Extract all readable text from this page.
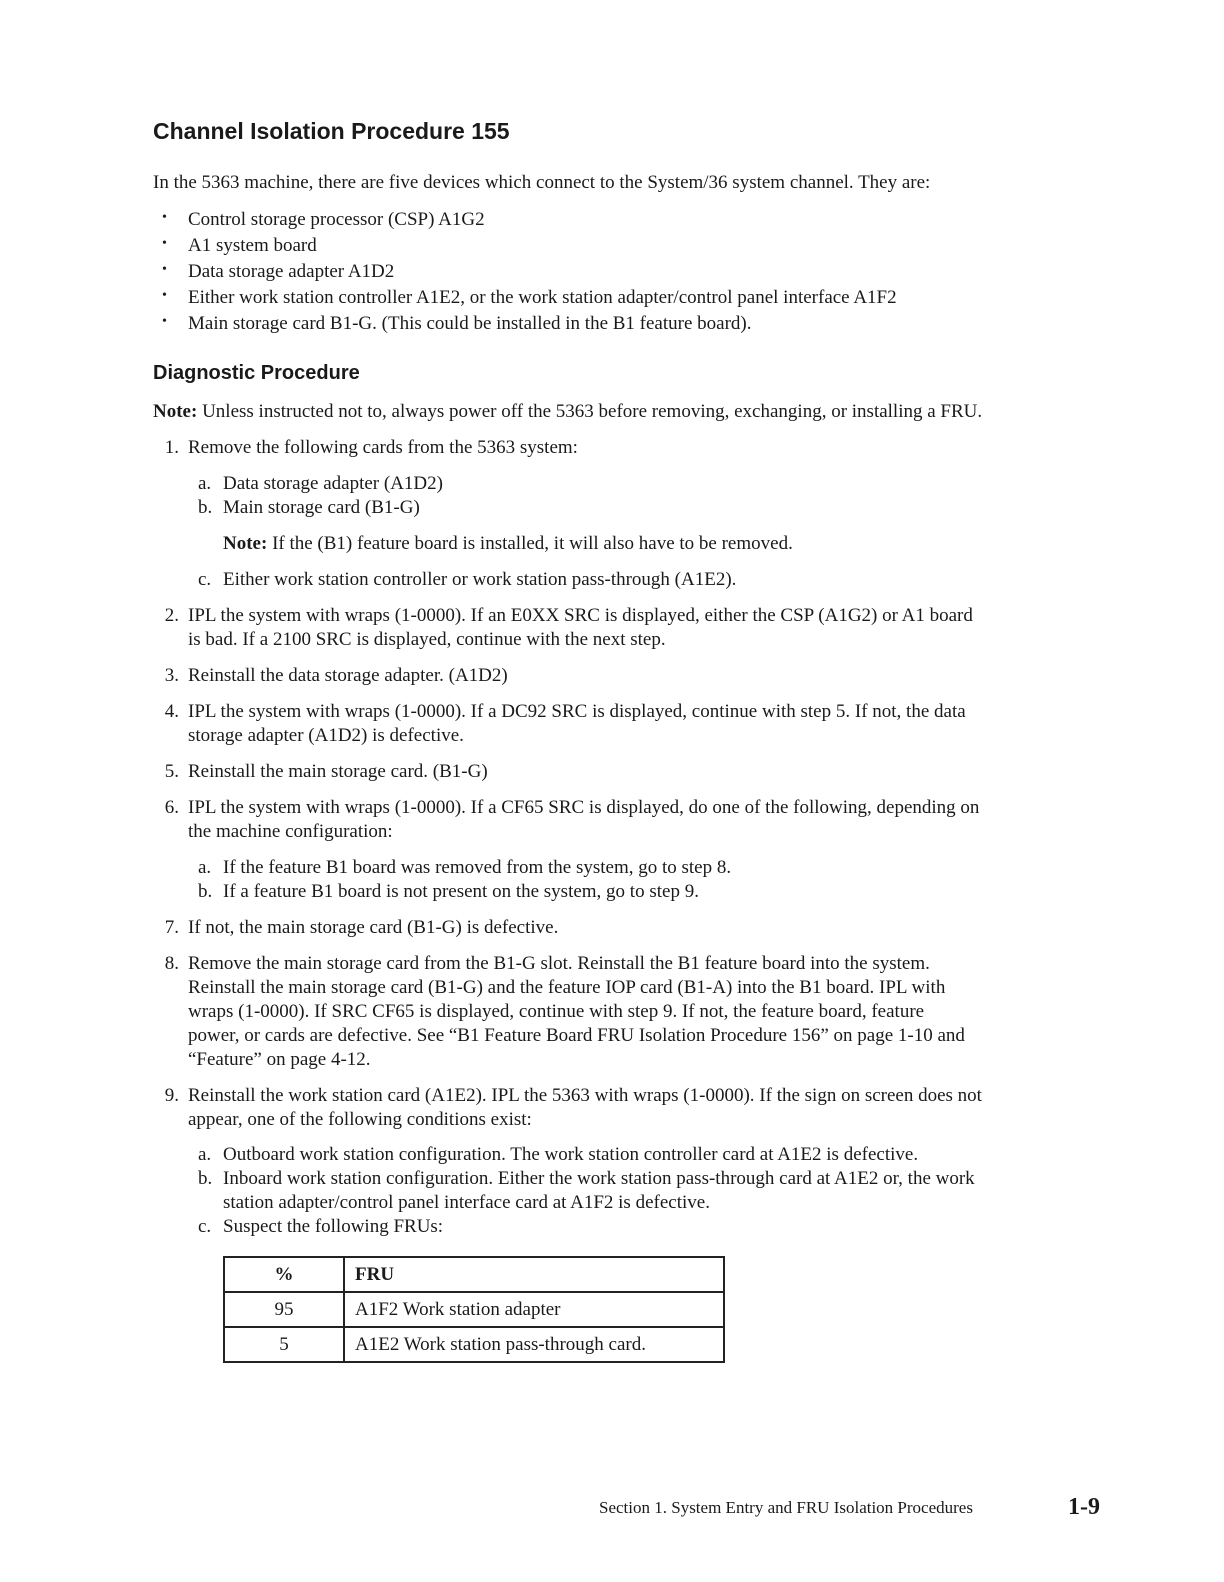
Channel Isolation Procedure 155
In the 5363 machine, there are five devices which connect to the System/36 system channel. They are:
• Control storage processor (CSP) A1G2
• A1 system board
• Data storage adapter A1D2
• Either work station controller A1E2, or the work station adapter/control panel interface A1F2
• Main storage card B1-G. (This could be installed in the B1 feature board).
Diagnostic Procedure
Note: Unless instructed not to, always power off the 5363 before removing, exchanging, or installing a FRU.
1. Remove the following cards from the 5363 system:
a. Data storage adapter (A1D2)
b. Main storage card (B1-G)
Note: If the (B1) feature board is installed, it will also have to be removed.
c. Either work station controller or work station pass-through (A1E2).
2. IPL the system with wraps (1-0000). If an E0XX SRC is displayed, either the CSP (A1G2) or A1 board
is bad. If a 2100 SRC is displayed, continue with the next step.
3. Reinstall the data storage adapter. (A1D2)
4. IPL the system with wraps (1-0000). If a DC92 SRC is displayed, continue with step 5. If not, the data
storage adapter (A1D2) is defective.
5. Reinstall the main storage card. (B1-G)
6. IPL the system with wraps (1-0000). If a CF65 SRC is displayed, do one of the following, depending on
the machine configuration:
a. If the feature B1 board was removed from the system, go to step 8.
b. If a feature B1 board is not present on the system, go to step 9.
7. If not, the main storage card (B1-G) is defective.
8. Remove the main storage card from the B1-G slot. Reinstall the B1 feature board into the system.
Reinstall the main storage card (B1-G) and the feature IOP card (B1-A) into the B1 board. IPL with
wraps (1-0000). If SRC CF65 is displayed, continue with step 9. If not, the feature board, feature
power, or cards are defective. See “B1 Feature Board FRU Isolation Procedure 156” on page 1-10 and
“Feature” on page 4-12.
9. Reinstall the work station card (A1E2). IPL the 5363 with wraps (1-0000). If the sign on screen does not
appear, one of the following conditions exist:
a. Outboard work station configuration. The work station controller card at A1E2 is defective.
b. Inboard work station configuration. Either the work station pass-through card at A1E2 or, the work
station adapter/control panel interface card at A1F2 is defective.
c. Suspect the following FRUs:
%	FRU
95	A1F2 Work station adapter
5	A1E2 Work station pass-through card.
Section 1. System Entry and FRU Isolation Procedures	1-9
